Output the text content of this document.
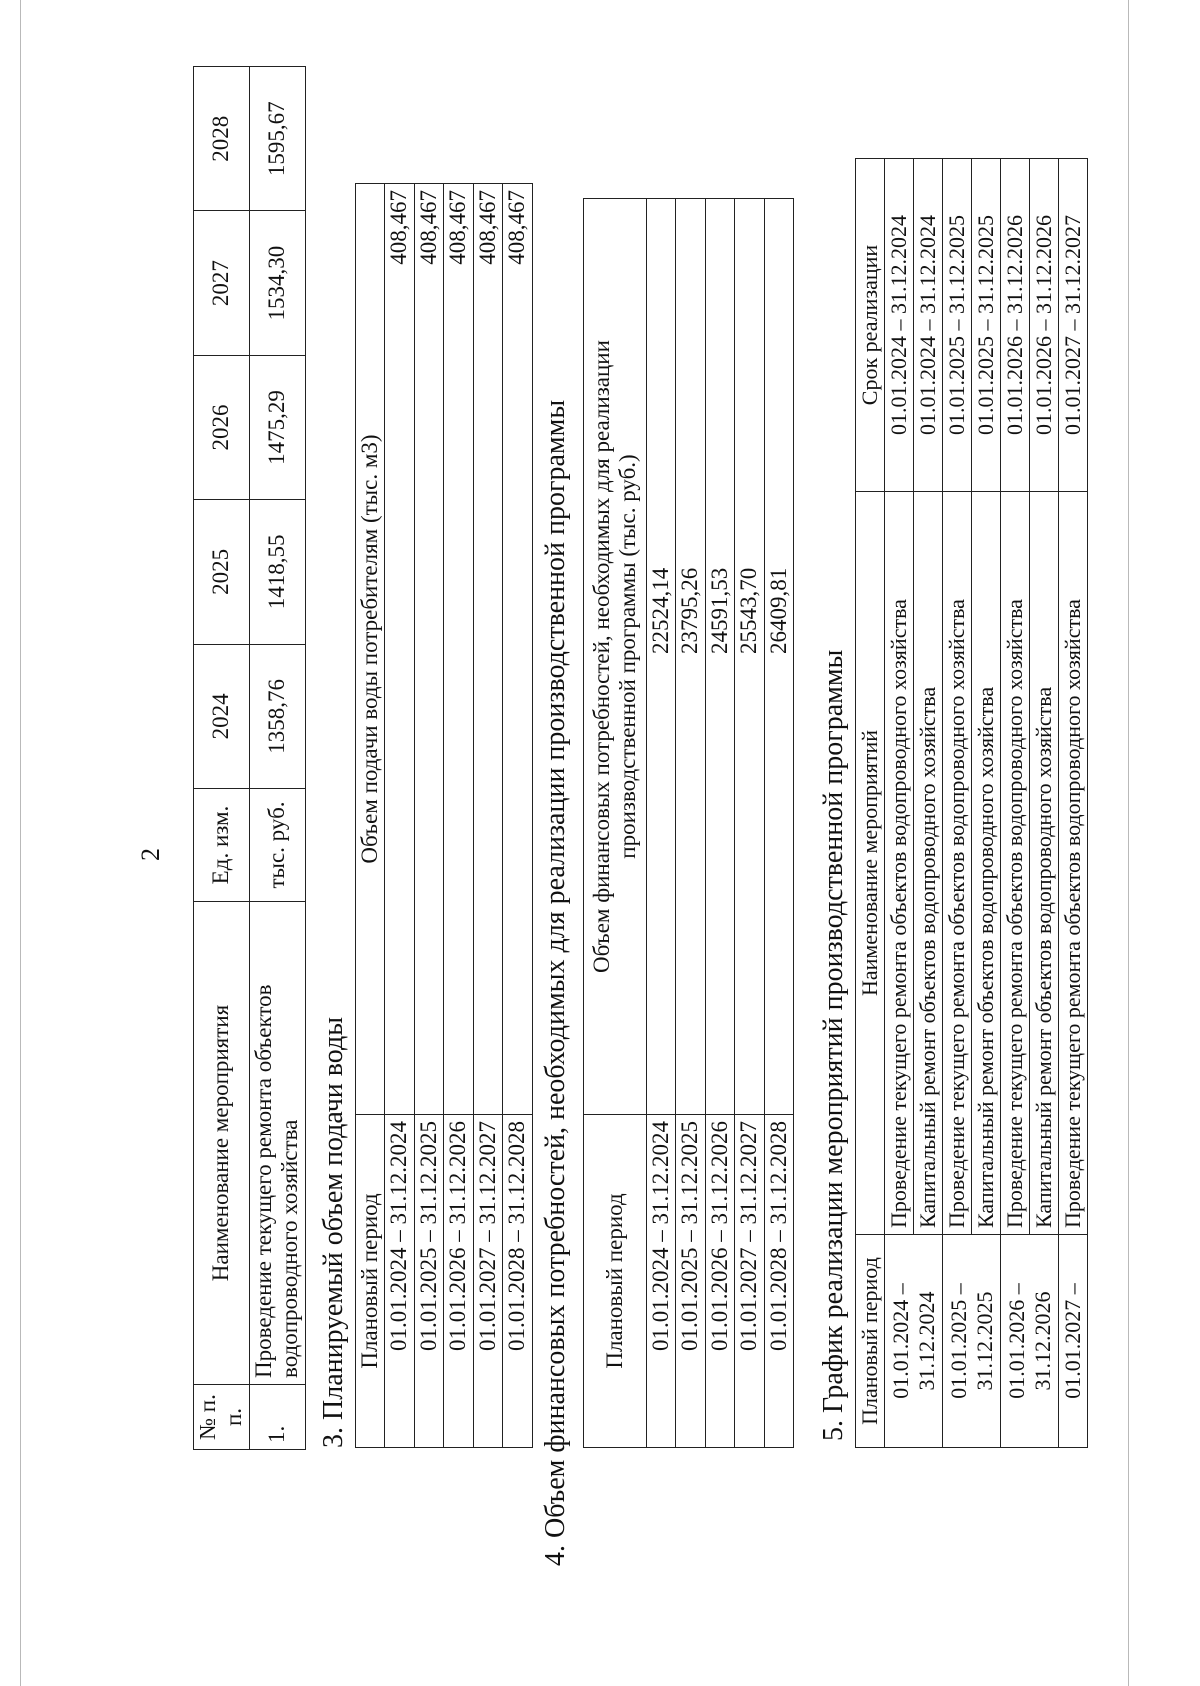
2
№ п. п.	Наименование мероприятия	Ед. изм.	2024	2025	2026	2027	2028
1.	Проведение текущего ремонта объектов водопроводного хозяйства	тыс. руб.	1358,76	1418,55	1475,29	1534,30	1595,67
3. Планируемый объем подачи воды Плановый период	Объем подачи воды потребителям (тыс. м3)
01.01.2024 – 31.12.2024	408,467
01.01.2025 – 31.12.2025	408,467
01.01.2026 – 31.12.2026	408,467
01.01.2027 – 31.12.2027	408,467
01.01.2028 – 31.12.2028	408,467
4. Объем финансовых потребностей, необходимых для реализации производственной программы Плановый период	Объем финансовых потребностей, необходимых для реализации производственной программы (тыс. руб.)
01.01.2024 – 31.12.2024	22524,14
01.01.2025 – 31.12.2025	23795,26
01.01.2026 – 31.12.2026	24591,53
01.01.2027 – 31.12.2027	25543,70
01.01.2028 – 31.12.2028	26409,81
5. График реализации мероприятий производственной программы Плановый период	Наименование мероприятий	Срок реализации
01.01.2024 – 31.12.2024	Проведение текущего ремонта объектов водопроводного хозяйства	01.01.2024 – 31.12.2024
	Капитальный ремонт объектов водопроводного хозяйства	01.01.2024 – 31.12.2024
01.01.2025 – 31.12.2025	Проведение текущего ремонта объектов водопроводного хозяйства	01.01.2025 – 31.12.2025
	Капитальный ремонт объектов водопроводного хозяйства	01.01.2025 – 31.12.2025
01.01.2026 – 31.12.2026	Проведение текущего ремонта объектов водопроводного хозяйства	01.01.2026 – 31.12.2026
	Капитальный ремонт объектов водопроводного хозяйства	01.01.2026 – 31.12.2026
01.01.2027 –	Проведение текущего ремонта объектов водопроводного хозяйства	01.01.2027 – 31.12.2027
